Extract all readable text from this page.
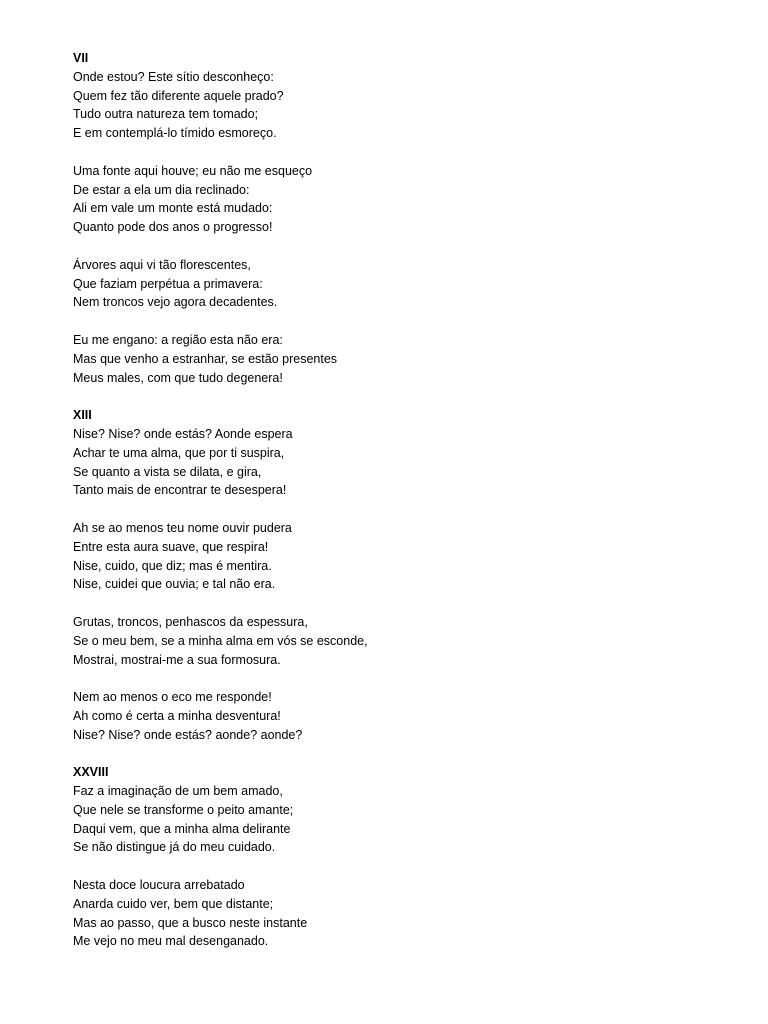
VII
Onde estou? Este sítio desconheço:
Quem fez tão diferente aquele prado?
Tudo outra natureza tem tomado;
E em contemplá-lo tímido esmoreço.
Uma fonte aqui houve; eu não me esqueço
De estar a ela um dia reclinado:
Ali em vale um monte está mudado:
Quanto pode dos anos o progresso!
Árvores aqui vi tão florescentes,
Que faziam perpétua a primavera:
Nem troncos vejo agora decadentes.
Eu me engano: a região esta não era:
Mas que venho a estranhar, se estão presentes
Meus males, com que tudo degenera!
XIII
Nise? Nise? onde estás? Aonde espera
Achar te uma alma, que por ti suspira,
Se quanto a vista se dilata, e gira,
Tanto mais de encontrar te desespera!
Ah se ao menos teu nome ouvir pudera
Entre esta aura suave, que respira!
Nise, cuido, que diz; mas é mentira.
Nise, cuidei que ouvia; e tal não era.
Grutas, troncos, penhascos da espessura,
Se o meu bem, se a minha alma em vós se esconde,
Mostrai, mostrai-me a sua formosura.
Nem ao menos o eco me responde!
Ah como é certa a minha desventura!
Nise? Nise? onde estás? aonde? aonde?
XXVIII
Faz a imaginação de um bem amado,
Que nele se transforme o peito amante;
Daqui vem, que a minha alma delirante
Se não distingue já do meu cuidado.
Nesta doce loucura arrebatado
Anarda cuido ver, bem que distante;
Mas ao passo, que a busco neste instante
Me vejo no meu mal desenganado.
